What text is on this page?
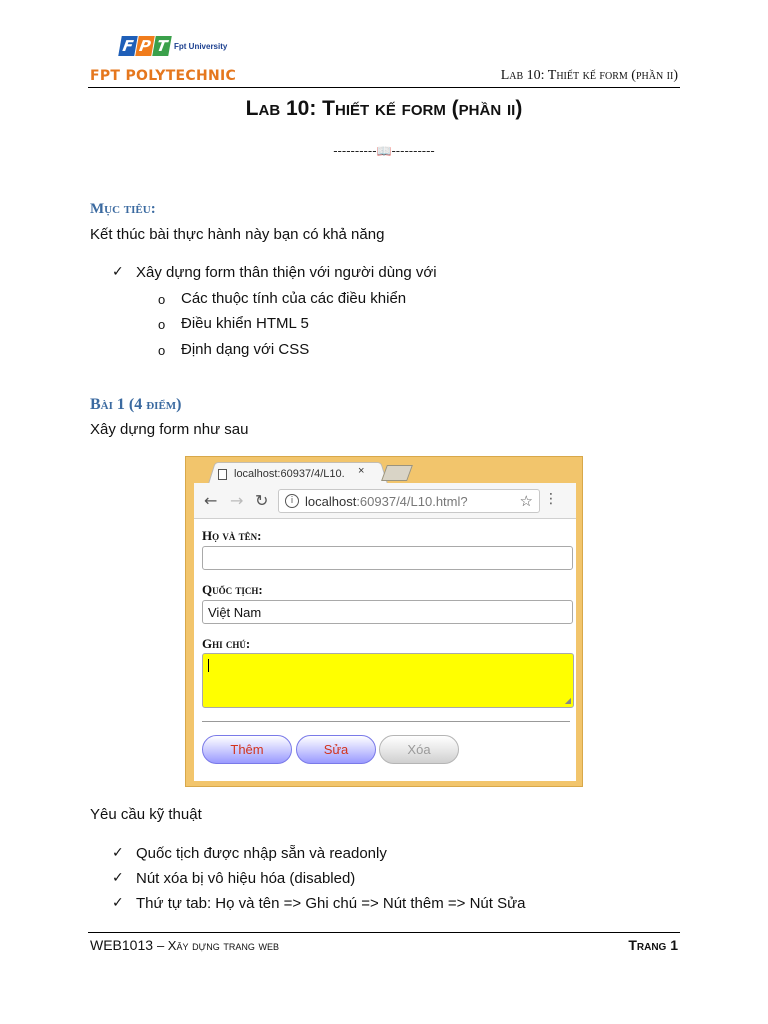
F P T Fpt University
FPT POLYTECHNIC	Lab 10: Thiết kế form (phần ii)
Lab 10: Thiết kế form (phần ii)
----------📖----------
Mục tiêu:
Kết thúc bài thực hành này bạn có khả năng
✓ Xây dựng form thân thiện với người dùng với
o Các thuộc tính của các điều khiển
o Điều khiển HTML 5
o Định dạng với CSS
Bài 1 (4 điểm)
Xây dựng form như sau
localhost:60937/4/L10. ×
← → ↻	i localhost:60937/4/L10.html?	☆ ⋮
Họ và tên:
Quốc tịch:
Việt Nam
Ghi chú:
◢
Thêm	Sửa	Xóa
Yêu cầu kỹ thuật
✓ Quốc tịch được nhập sẵn và readonly
✓ Nút xóa bị vô hiệu hóa (disabled)
✓ Thứ tự tab: Họ và tên => Ghi chú => Nút thêm => Nút Sửa
WEB1013 – Xây dựng trang web	Trang 1
